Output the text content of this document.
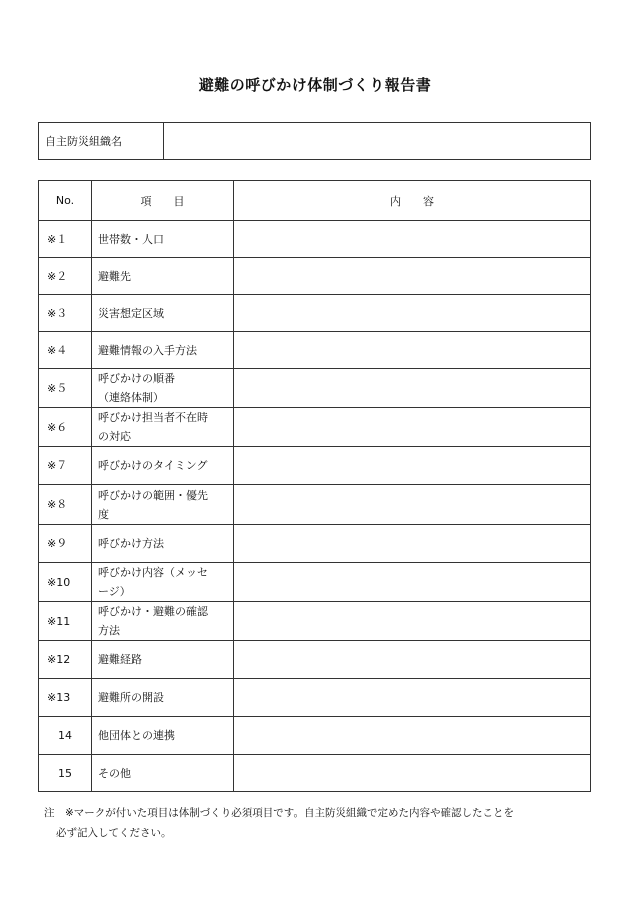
避難の呼びかけ体制づくり報告書
自主防災組織名	
No.	項　　目	内　　容
※１	世帯数・人口	
※２	避難先	
※３	災害想定区域	
※４	避難情報の入手方法	
※５	呼びかけの順番
（連絡体制）	
※６	呼びかけ担当者不在時
の対応	
※７	呼びかけのタイミング	
※８	呼びかけの範囲・優先
度	
※９	呼びかけ方法	
※10	呼びかけ内容（メッセ
ージ）	
※11	呼びかけ・避難の確認
方法	
※12	避難経路	
※13	避難所の開設	
14	他団体との連携	
15	その他	
注　※マークが付いた項目は体制づくり必須項目です。自主防災組織で定めた内容や確認したことを
必ず記入してください。
